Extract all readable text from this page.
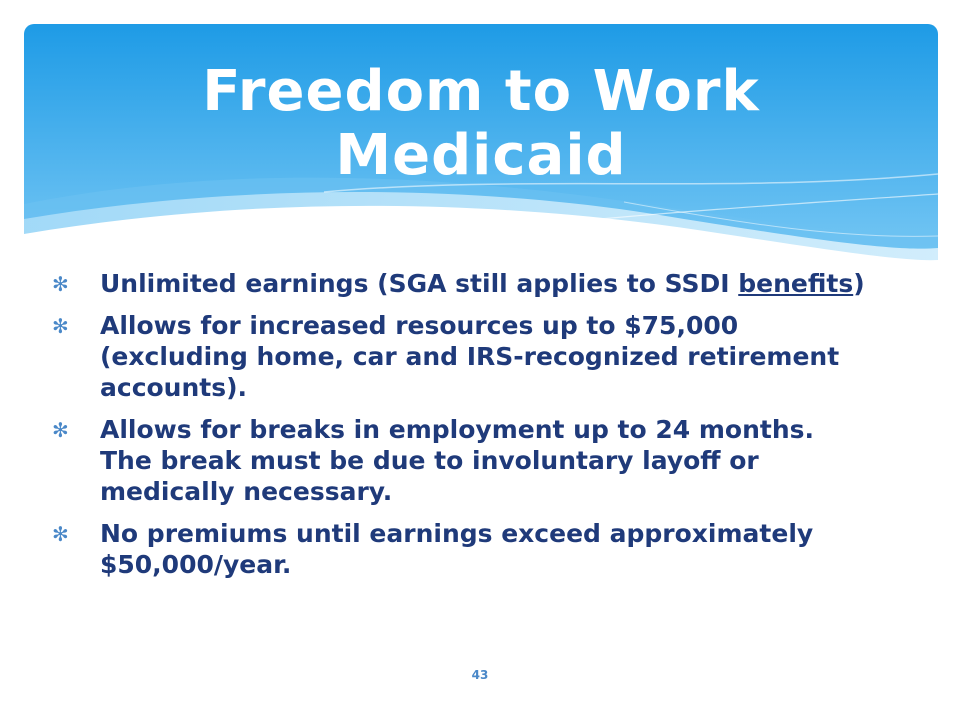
Freedom to Work
Medicaid
✻ Unlimited earnings (SGA still applies to SSDI benefits)
✻ Allows for increased resources up to $75,000 (excluding home, car and IRS-recognized retirement accounts).
✻ Allows for breaks in employment up to 24 months. The break must be due to involuntary layoff or medically necessary.
✻ No premiums until earnings exceed approximately $50,000/year.
43
